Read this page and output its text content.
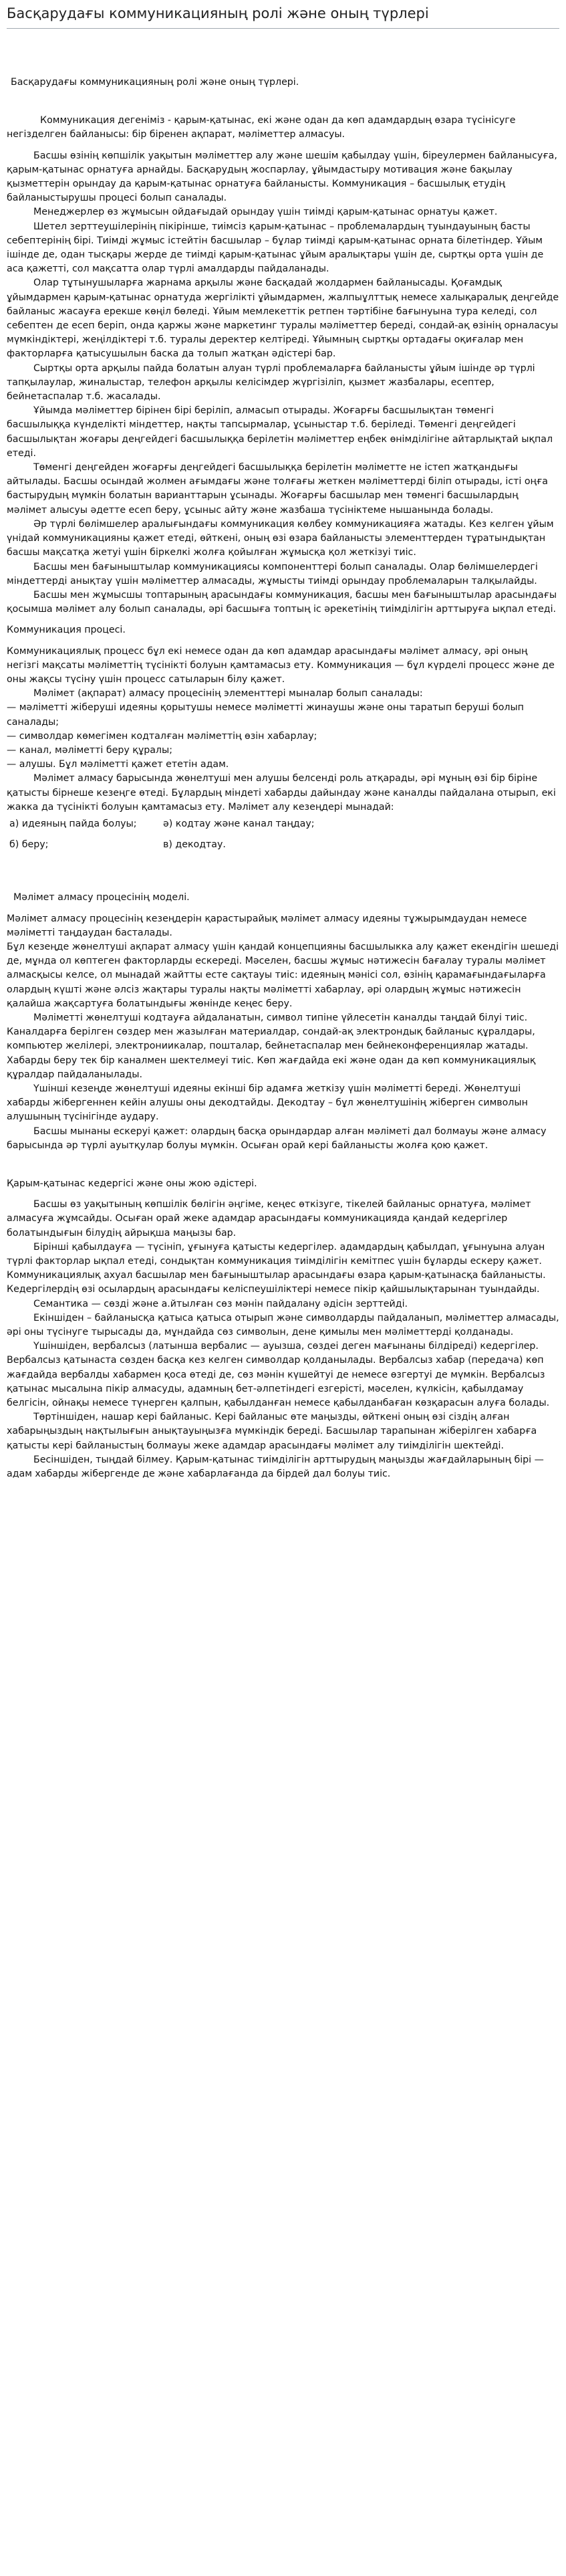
Басқарудағы коммуникацияның ролі және оның түрлері

Басқарудағы коммуникацияның ролі және оның түрлері.

Коммуникация дегеніміз - қарым-қатынас, екі және одан да көп адамдардың өзара түсінісуге негізделген байланысы: бір біренен ақпарат, мәліметтер алмасуы.

Басшы өзінің көпшілік уақытын мәліметтер алу және шешім қабылдау үшін, біреулермен байланысуға, қарым-қатынас орнатуға арнайды. Басқарудың жоспарлау, ұйымдастыру мотивация және бақылау қызметтерін орындау да қарым-қатынас орнатуға байланысты. Коммуникация – басшылық етудің байланыстырушы процесі болып саналады.

Менеджерлер өз жұмысын ойдағыдай орындау үшін тиімді қарым-қатынас орнатуы қажет.

Шетел зерттеушілерінің пікірінше, тиімсіз қарым-қатынас – проблемалардың туындауының басты себептерінің бірі. Тиімді жұмыс істейтін басшылар – бұлар тиімді қарым-қатынас орната білетіндер. Ұйым ішінде де, одан тысқары жерде де тиімді қарым-қатынас ұйым аралықтары үшін де, сыртқы орта үшін де аса қажетті, сол мақсатта олар түрлі амалдарды пайдаланады.

Олар тұтынушыларға жарнама арқылы және басқадай жолдармен байланысады. Қоғамдық ұйымдармен қарым-қатынас орнатуда жергілікті ұйымдармен, жалпыұлттық немесе халықаралық деңгейде байланыс жасауға ерекше көңіл бөледі. Ұйым мемлекеттік ретпен тәртібіне бағынуына тура келеді, сол себептен де есеп беріп, онда қаржы және маркетинг туралы мәліметтер береді, сондай-ақ өзінің орналасуы мүмкіндіктері, жеңілдіктері т.б. туралы деректер келтіреді. Ұйымның сыртқы ортадағы оқиғалар мен факторларға қатысушылын баска да толып жатқан әдістері бар.

Сыртқы орта арқылы пайда болатын алуан түрлі проблемаларға байланысты ұйым ішінде әр түрлі тапқылаулар, жиналыстар, телефон арқылы келісімдер жүргізіліп, қызмет жазбалары, есептер, бейнетаспалар т.б. жасалады.

Ұйымда мәліметтер бірінен бірі беріліп, алмасып отырады. Жоғарғы басшылықтан төменгі басшылыққа күнделікті міндеттер, нақты тапсырмалар, ұсыныстар т.б. беріледі. Төменгі деңгейдегі басшылықтан жоғары деңгейдегі басшылыққа берілетін мәліметтер еңбек өнімділігіне айтарлықтай ықпал етеді.

Төменгі деңгейден жоғарғы деңгейдегі басшылыққа берілетін мәліметте не істеп жатқандығы айтылады. Басшы осындай жолмен ағымдағы және толғағы жеткен мәліметтерді біліп отырады, істі оңға бастырудың мүмкін болатын варианттарын ұсынады. Жоғарғы басшылар мен төменгі басшылардың мәлімет алысуы әдетте есеп беру, ұсыныс айту және жазбаша түсініктеме нышанында болады.

Әр түрлі бөлімшелер аралығындағы коммуникация көлбеу коммуникацияға жатады. Кез келген ұйым үнідай коммуникацияны қажет етеді, өйткені, оның өзі өзара байланысты элементтерден тұратындықтан басшы мақсатқа жетуі үшін біркелкі жолға қойылған жұмысқа қол жеткізуі тиіс.

Басшы мен бағыныштылар коммуникациясы компоненттері болып саналады. Олар бөлімшелердегі міндеттерді анықтау үшін мәліметтер алмасады, жұмысты тиімді орындау проблемаларын талқылайды.

Басшы мен жұмысшы топтарының арасындағы коммуникация, басшы мен бағыныштылар арасындағы қосымша мәлімет алу болып саналады, әрі басшыға топтың іс әрекетінің тиімділігін арттыруға ықпал етеді.

Коммуникация процесі.

Коммуникациялық процесс бұл екі немесе одан да көп адамдар арасындағы мәлімет алмасу, әрі оның негізгі мақсаты мәліметтің түсінікті болуын қамтамасыз ету. Коммуникация — бұл күрделі процесс және де оны жақсы түсіну үшін процесс сатыларын білу қажет.

Мәлімет (ақпарат) алмасу процесінің элементтері мыналар болып саналады:

— мәліметті жіберуші идеяны қорытушы немесе мәліметті жинаушы және оны таратып беруші болып саналады;

— символдар көмегімен кодталған мәліметтің өзін хабарлау;

— канал, мәліметті беру құралы;

— алушы. Бұл мәліметті қажет ететін адам.

Мәлімет алмасу барысында жөнелтуші мен алушы белсенді роль атқарады, әрі мұның өзі бір біріне қатысты бірнеше кезеңге өтеді. Бұлардың міндеті хабарды дайындау және каналды пайдалана отырып, екі жакка да түсінікті болуын қамтамасыз ету. Мәлімет алу кезеңдері мынадай:

а) идеяның пайда болуы;	ә) кодтау және канал таңдау;
б) беру;	в) декодтау.

Мәлімет алмасу процесінің моделі.

Мәлімет алмасу процесінің кезеңдерін қарастырайық мәлімет алмасу идеяны тұжырымдаудан немесе мәліметті таңдаудан басталады.

Бұл кезеңде жөнелтуші ақпарат алмасу үшін қандай концепцияны басшылыкка алу қажет екендігін шешеді де, мұнда ол көптеген факторларды ескереді. Мәселен, басшы жұмыс нәтижесін бағалау туралы мәлімет алмасқысы келсе, ол мынадай жайтты есте сақтауы тиіс: идеяның мәнісі сол, өзінің қарамағындағыларға олардың күшті және әлсіз жақтары туралы нақты мәліметті хабарлау, әрі олардың жұмыс нәтижесін қалайша жақсартуға болатындығы жөнінде кеңес беру.

Мәліметті жөнелтуші кодтауға айдаланатын, символ типіне үйлесетін каналды таңдай білуі тиіс. Каналдарға берілген сөздер мен жазылған материалдар, сондай-ақ электрондық байланыс құралдары, компьютер желілері, электрониикалар, пошталар, бейнетаспалар мен бейнеконференциялар жатады. Хабарды беру тек бір каналмен шектелмеуі тиіс. Көп жағдайда екі және одан да көп коммуникациялық құралдар пайдаланылады.

Үшінші кезеңде жөнелтуші идеяны екінші бір адамға жеткізу үшін мәліметті береді. Жөнелтуші хабарды жібергеннен кейін алушы оны декодтайды. Декодтау – бұл жөнелтушінің жіберген символын алушының түсінігінде аудару.

Басшы мынаны ескеруі қажет: олардың басқа орындардар алған мәліметі дал болмауы және алмасу барысында әр түрлі ауытқулар болуы мүмкін. Осыған орай кері байланысты жолға қою қажет.

Қарым-қатынас кедергісі және оны жою әдістері.

Басшы өз уақытының көпшілік бөлігін әңгіме, кеңес өткізуге, тікелей байланыс орнатуға, мәлімет алмасуға жұмсайды. Осыған орай жеке адамдар арасындағы коммуникацияда қандай кедергілер болатындығын білудің айрықша маңызы бар.

Бірінші қабылдауға — түсініп, ұғынуға қатысты кедергілер. адамдардың қабылдап, ұғынуына алуан түрлі факторлар ықпал етеді, сондықтан коммуникация тиімділігін кемітпес үшін бұларды ескеру қажет. Коммуникациялық ахуал басшылар мен бағыныштылар арасындағы өзара қарым-қатынасқа байланысты. Кедергілердің өзі осылардың арасындағы келіспеушіліктері немесе пікір қайшылықтарынан туындайды.

Семантика — сөзді және а.йтылған сөз мәнін пайдалану әдісін зерттейді.

Екіншіден – байланысқа қатыса қатыса отырып және символдарды пайдаланып, мәліметтер алмасады, әрі оны түсінуге тырысады да, мұндайда сөз символын, дене қимылы мен мәліметтерді қолданады.

Үшіншіден, вербалсыз (латынша вербалис — ауызша, сөздеі деген мағынаны білдіреді) кедергілер. Вербалсыз қатынаста сөзден басқа кез келген символдар қолданылады. Вербалсыз хабар (передача) көп жағдайда вербалды хабармен қоса өтеді де, сөз мәнін күшейтуі де немесе өзгертуі де мүмкін. Вербалсыз қатынас мысалына пікір алмасуды, адамның бет-әлпетіндегі езгерісті, мәселен, күлкісін, қабылдамау белгісін, ойнақы немесе түнерген қалпын, қабылданған немесе қабылданбаған көзқарасын алуға болады.

Төртіншіден, нашар кері байланыс. Кері байланыс өте маңызды, өйткені оның өзі сіздің алған хабарыңыздың нақтылығын анықтауыңызға мүмкіндік береді. Басшылар тарапынан жіберілген хабарға қатысты кері байланыстың болмауы жеке адамдар арасындағы мәлімет алу тиімділігін шектейді.

Бесіншіден, тыңдай білмеу. Қарым-қатынас тиімділігін арттырудың маңызды жағдайларының бірі — адам хабарды жібергенде де және хабарлағанда да бірдей дал болуы тиіс.
